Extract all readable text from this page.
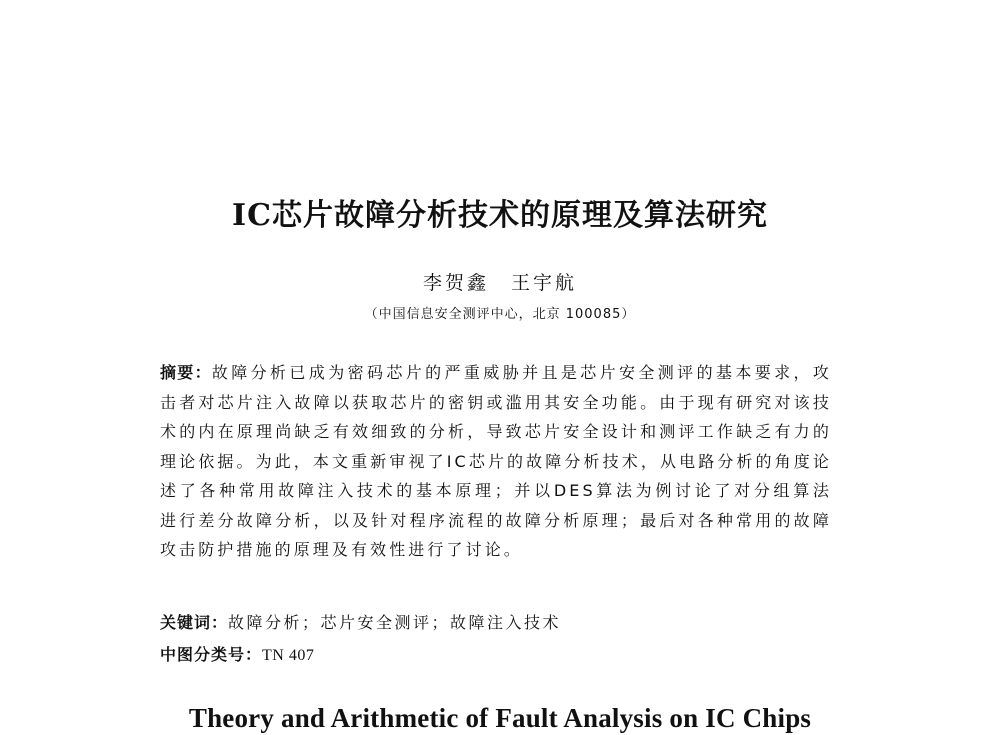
IC芯片故障分析技术的原理及算法研究
李贺鑫 王宇航
（中国信息安全测评中心，北京 100085）
摘要：故障分析已成为密码芯片的严重威胁并且是芯片安全测评的基本要求，攻击者对芯片注入故障以获取芯片的密钥或滥用其安全功能。由于现有研究对该技术的内在原理尚缺乏有效细致的分析，导致芯片安全设计和测评工作缺乏有力的理论依据。为此，本文重新审视了IC芯片的故障分析技术，从电路分析的角度论述了各种常用故障注入技术的基本原理；并以DES算法为例讨论了对分组算法进行差分故障分析，以及针对程序流程的故障分析原理；最后对各种常用的故障攻击防护措施的原理及有效性进行了讨论。
关键词：故障分析；芯片安全测评；故障注入技术
中图分类号：TN 407
Theory and Arithmetic of Fault Analysis on IC Chips
